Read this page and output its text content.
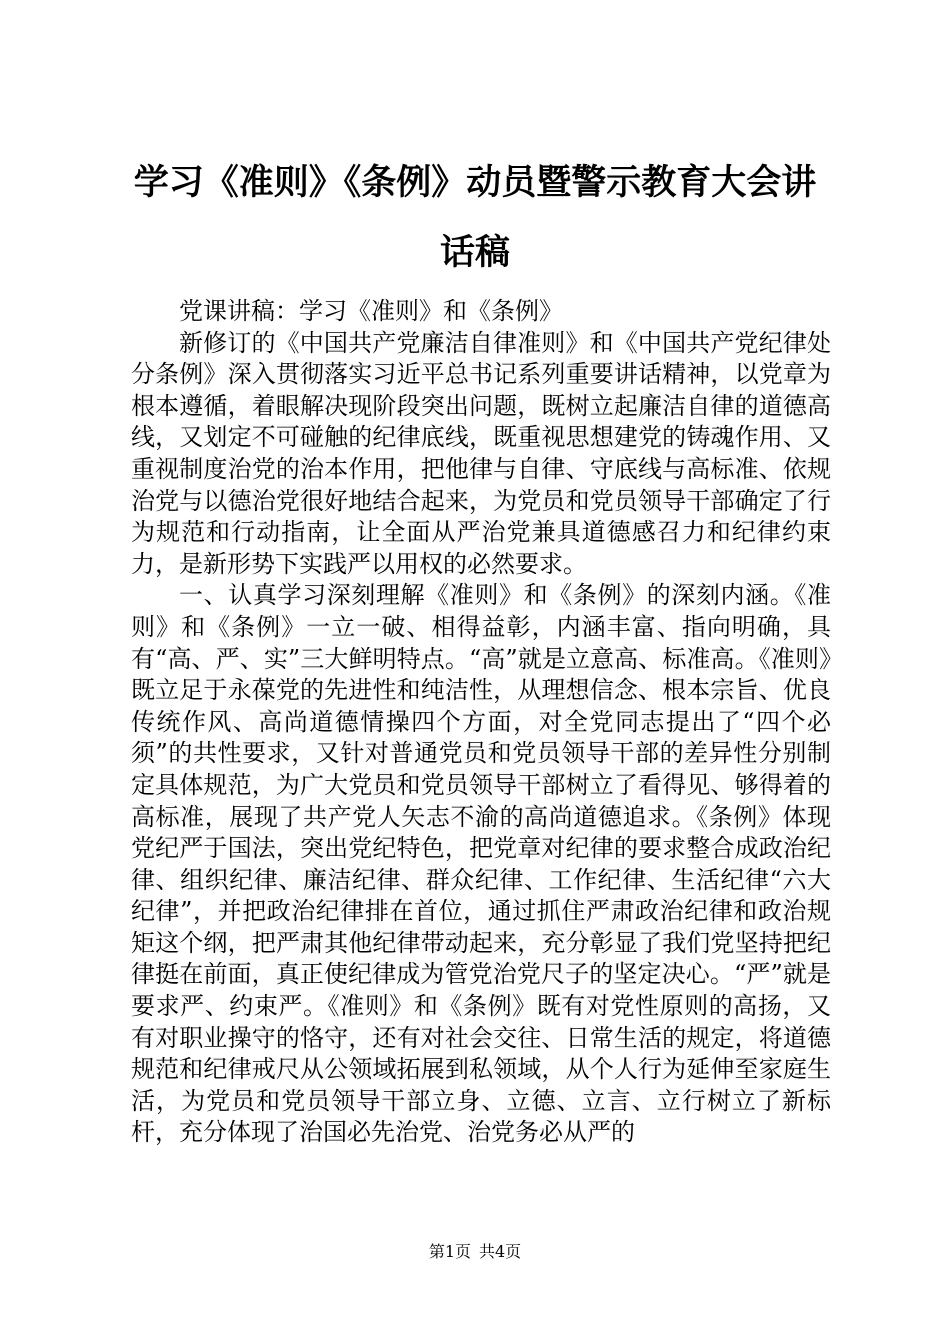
学习《准则》《条例》动员暨警示教育大会讲
话稿

党课讲稿：学习《准则》和《条例》

新修订的《中国共产党廉洁自律准则》和《中国共产党纪律处分条例》深入贯彻落实习近平总书记系列重要讲话精神，以党章为根本遵循，着眼解决现阶段突出问题，既树立起廉洁自律的道德高线，又划定不可碰触的纪律底线，既重视思想建党的铸魂作用、又重视制度治党的治本作用，把他律与自律、守底线与高标准、依规治党与以德治党很好地结合起来，为党员和党员领导干部确定了行为规范和行动指南，让全面从严治党兼具道德感召力和纪律约束力，是新形势下实践严以用权的必然要求。

一、认真学习深刻理解《准则》和《条例》的深刻内涵。《准则》和《条例》一立一破、相得益彰，内涵丰富、指向明确，具有“高、严、实”三大鲜明特点。“高”就是立意高、标准高。《准则》既立足于永葆党的先进性和纯洁性，从理想信念、根本宗旨、优良传统作风、高尚道德情操四个方面，对全党同志提出了“四个必须”的共性要求，又针对普通党员和党员领导干部的差异性分别制定具体规范，为广大党员和党员领导干部树立了看得见、够得着的高标准，展现了共产党人矢志不渝的高尚道德追求。《条例》体现党纪严于国法，突出党纪特色，把党章对纪律的要求整合成政治纪律、组织纪律、廉洁纪律、群众纪律、工作纪律、生活纪律“六大纪律”，并把政治纪律排在首位，通过抓住严肃政治纪律和政治规矩这个纲，把严肃其他纪律带动起来，充分彰显了我们党坚持把纪律挺在前面，真正使纪律成为管党治党尺子的坚定决心。“严”就是要求严、约束严。《准则》和《条例》既有对党性原则的高扬，又有对职业操守的恪守，还有对社会交往、日常生活的规定，将道德规范和纪律戒尺从公领域拓展到私领域，从个人行为延伸至家庭生活，为党员和党员领导干部立身、立德、立言、立行树立了新标杆，充分体现了治国必先治党、治党务必从严的

第1页 共4页
